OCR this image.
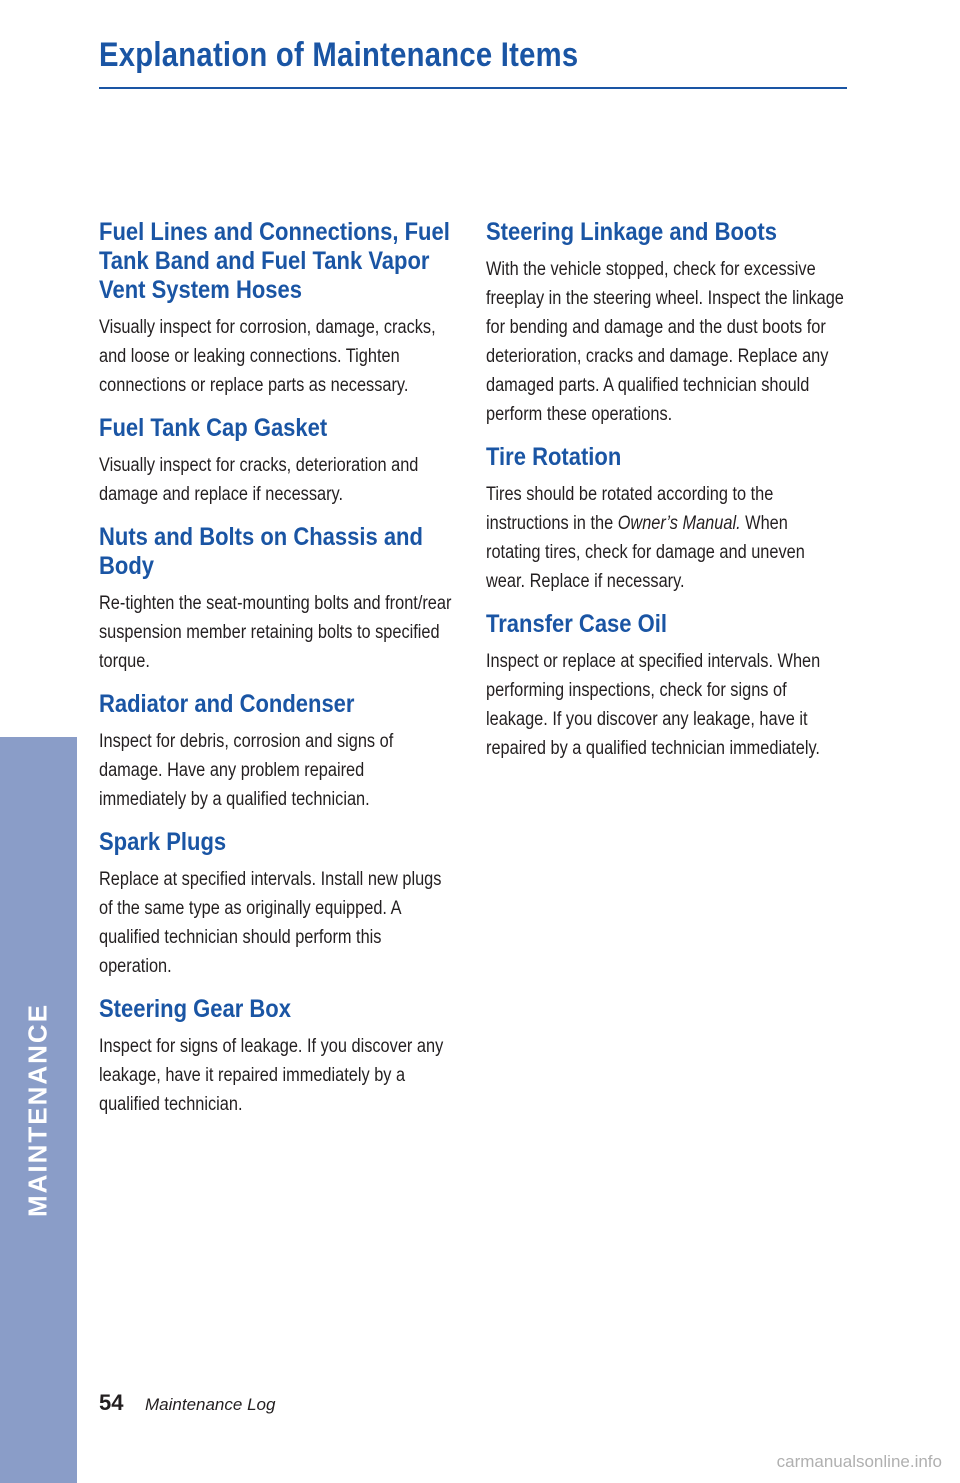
Explanation of Maintenance Items
MAINTENANCE
Fuel Lines and Connections, Fuel Tank Band and Fuel Tank Vapor Vent System Hoses

Visually inspect for corrosion, damage, cracks, and loose or leaking connections. Tighten connections or replace parts as necessary.

Fuel Tank Cap Gasket

Visually inspect for cracks, deterioration and damage and replace if necessary.

Nuts and Bolts on Chassis and Body

Re-tighten the seat-mounting bolts and front/rear suspension member retaining bolts to specified torque.

Radiator and Condenser

Inspect for debris, corrosion and signs of damage. Have any problem repaired immediately by a qualified technician.

Spark Plugs

Replace at specified intervals. Install new plugs of the same type as originally equipped. A qualified technician should perform this operation.

Steering Gear Box

Inspect for signs of leakage. If you discover any leakage, have it repaired immediately by a qualified technician.

Steering Linkage and Boots

With the vehicle stopped, check for excessive freeplay in the steering wheel. Inspect the linkage for bending and damage and the dust boots for deterioration, cracks and damage. Replace any damaged parts. A qualified technician should perform these operations.

Tire Rotation

Tires should be rotated according to the instructions in the Owner’s Manual. When rotating tires, check for damage and uneven wear. Replace if necessary.

Transfer Case Oil

Inspect or replace at specified intervals. When performing inspections, check for signs of leakage. If you discover any leakage, have it repaired by a qualified technician immediately.

54 Maintenance Log
carmanualsonline.info
